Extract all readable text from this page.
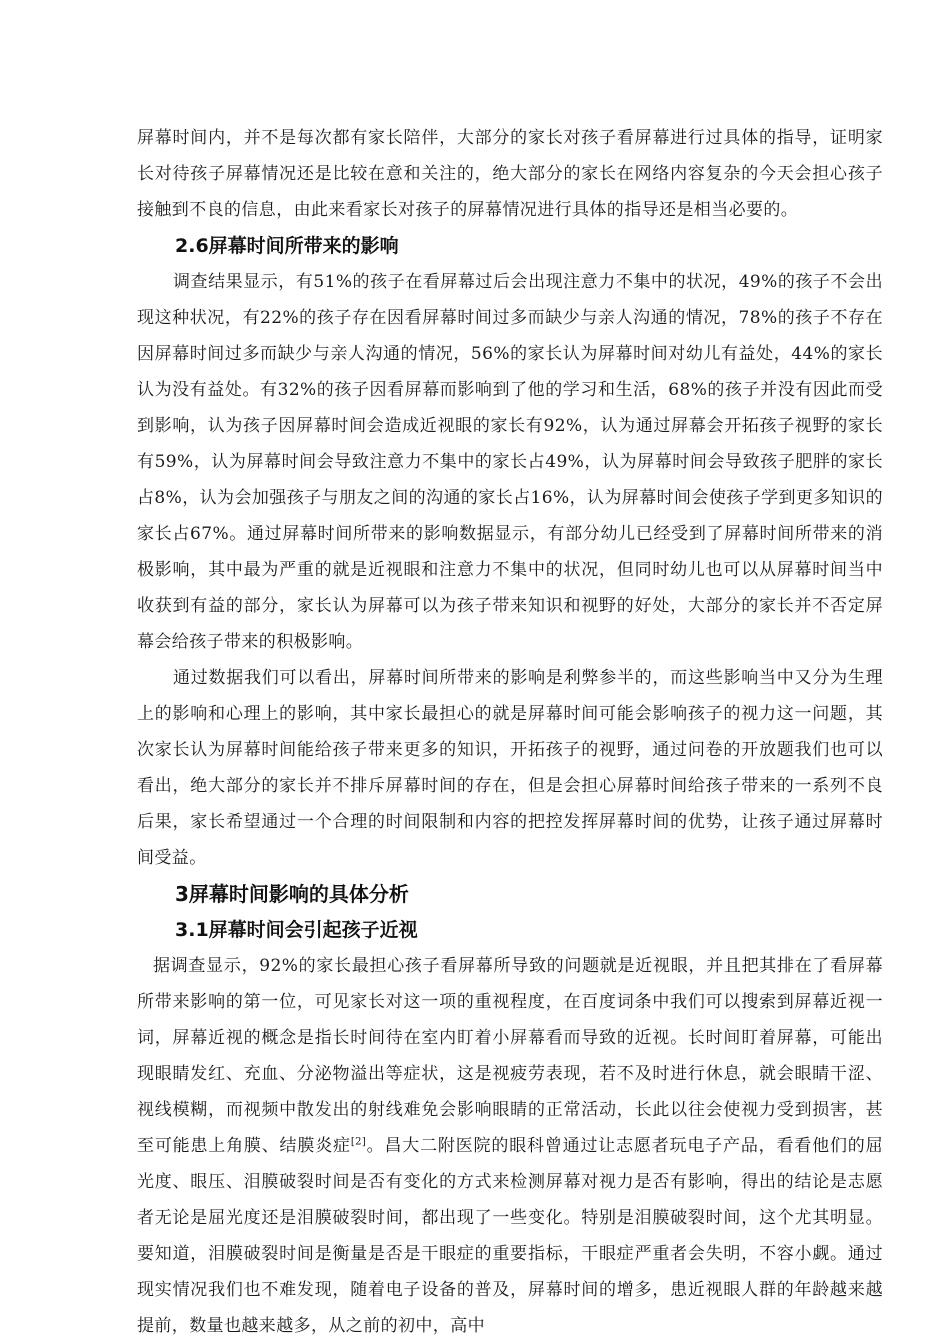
屏幕时间内，并不是每次都有家长陪伴，大部分的家长对孩子看屏幕进行过具体的指导，证明家长对待孩子屏幕情况还是比较在意和关注的，绝大部分的家长在网络内容复杂的今天会担心孩子接触到不良的信息，由此来看家长对孩子的屏幕情况进行具体的指导还是相当必要的。

2.6屏幕时间所带来的影响

调查结果显示，有51%的孩子在看屏幕过后会出现注意力不集中的状况，49%的孩子不会出现这种状况，有22%的孩子存在因看屏幕时间过多而缺少与亲人沟通的情况，78%的孩子不存在因屏幕时间过多而缺少与亲人沟通的情况，56%的家长认为屏幕时间对幼儿有益处，44%的家长认为没有益处。有32%的孩子因看屏幕而影响到了他的学习和生活，68%的孩子并没有因此而受到影响，认为孩子因屏幕时间会造成近视眼的家长有92%，认为通过屏幕会开拓孩子视野的家长有59%，认为屏幕时间会导致注意力不集中的家长占49%，认为屏幕时间会导致孩子肥胖的家长占8%，认为会加强孩子与朋友之间的沟通的家长占16%，认为屏幕时间会使孩子学到更多知识的家长占67%。通过屏幕时间所带来的影响数据显示，有部分幼儿已经受到了屏幕时间所带来的消极影响，其中最为严重的就是近视眼和注意力不集中的状况，但同时幼儿也可以从屏幕时间当中收获到有益的部分，家长认为屏幕可以为孩子带来知识和视野的好处，大部分的家长并不否定屏幕会给孩子带来的积极影响。

通过数据我们可以看出，屏幕时间所带来的影响是利弊参半的，而这些影响当中又分为生理上的影响和心理上的影响，其中家长最担心的就是屏幕时间可能会影响孩子的视力这一问题，其次家长认为屏幕时间能给孩子带来更多的知识，开拓孩子的视野，通过问卷的开放题我们也可以看出，绝大部分的家长并不排斥屏幕时间的存在，但是会担心屏幕时间给孩子带来的一系列不良后果，家长希望通过一个合理的时间限制和内容的把控发挥屏幕时间的优势，让孩子通过屏幕时间受益。

3屏幕时间影响的具体分析
3.1屏幕时间会引起孩子近视

据调查显示，92%的家长最担心孩子看屏幕所导致的问题就是近视眼，并且把其排在了看屏幕所带来影响的第一位，可见家长对这一项的重视程度，在百度词条中我们可以搜索到屏幕近视一词，屏幕近视的概念是指长时间待在室内盯着小屏幕看而导致的近视。长时间盯着屏幕，可能出现眼睛发红、充血、分泌物溢出等症状，这是视疲劳表现，若不及时进行休息，就会眼睛干涩、视线模糊，而视频中散发出的射线难免会影响眼睛的正常活动，长此以往会使视力受到损害，甚至可能患上角膜、结膜炎症[2]。昌大二附医院的眼科曾通过让志愿者玩电子产品，看看他们的屈光度、眼压、泪膜破裂时间是否有变化的方式来检测屏幕对视力是否有影响，得出的结论是志愿者无论是屈光度还是泪膜破裂时间，都出现了一些变化。特别是泪膜破裂时间，这个尤其明显。要知道，泪膜破裂时间是衡量是否是干眼症的重要指标，干眼症严重者会失明，不容小觑。通过现实情况我们也不难发现，随着电子设备的普及，屏幕时间的增多，患近视眼人群的年龄越来越提前，数量也越来越多，从之前的初中，高中
